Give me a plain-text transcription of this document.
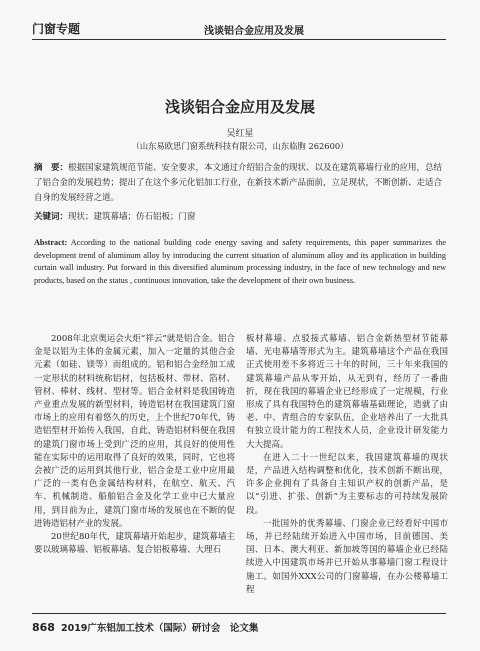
门窗专题	浅谈铝合金应用及发展
浅谈铝合金应用及发展
吴红星
（山东易欧思门窗系统科技有限公司，山东临朐 262600）
摘　要：根据国家建筑规范节能、安全要求，本文通过介绍铝合金的现状、以及在建筑幕墙行业的应用，总结了铝合金的发展趋势；提出了在这个多元化铝加工行业，在新技术新产品面前，立足现状，不断创新、走适合自身的发展经营之道。
关键词：现状；建筑幕墙；仿石铝板；门窗
Abstract: According to the national building code energy saving and safety requirements, this paper summarizes the development trend of aluminum alloy by introducing the current situation of aluminum alloy and its application in building curtain wall industry. Put forward in this diversified aluminum processing industry, in the face of new technology and new products, based on the status , continuous innovation, take the development of their own business.

2008年北京奥运会火炬“祥云”就是铝合金。铝合金是以铝为主体的金属元素，加入一定量的其他合金元素（如硅、镁等）而组成的。铝和铝合金经加工成一定形状的材料统称铝材，包括板材、带材、箔材、管材、棒材、线材、型材等。铝合金材料是我国铸造产业重点发展的新型材料，铸造铝材在我国建筑门窗市场上的应用有着悠久的历史，上个世纪70年代，铸造铝型材开始传入我国，自此，铸造铝材料便在我国的建筑门窗市场上受到广泛的应用，其良好的使用性能在实际中的运用取得了良好的效果，同时，它也将会被广泛的运用到其他行业，铝合金是工业中应用最广泛的一类有色金属结构材料，在航空、航天、汽车、机械制造、船舶铝合金及化学工业中已大量应用，到目前为止，建筑门窗市场的发展也在不断的促进铸造铝材产业的发展。

20世纪80年代，建筑幕墙开始起步，建筑幕墙主要以玻璃幕墙、铝板幕墙、复合铝板幕墙、大理石

板材幕墙、点驳接式幕墙、铝合金新热型材节能幕墙、光电幕墙等形式为主。建筑幕墙这个产品在我国正式使用差不多将近三十年的时间，三十年来我国的建筑幕墙产品从零开始，从无到有，经历了一番曲折，现在我国的幕墙企业已经形成了一定规模，行业形成了具有我国特色的建筑幕墙基础理论，造就了由老、中、青组合的专家队伍，企业培养出了一大批具有独立设计能力的工程技术人员，企业设计研发能力大大提高。

在进入二十一世纪以来，我国建筑幕墙的现状是，产品进入结构调整和优化，技术创新不断出现，许多企业拥有了具备自主知识产权的创新产品，是以“引进、扩张、创新”为主要标志的可持续发展阶段。

一批国外的优秀幕墙、门窗企业已经看好中国市场，并已经陆续开始进入中国市场，目前德国、美国、日本、澳大利亚、新加坡等国的幕墙企业已经陆续进入中国建筑市场并已开始从事幕墙门窗工程设计施工。如国外XXX公司的门窗幕墙，在办公楼幕墙工程

868 2019广东铝加工技术（国际）研讨会　论文集
